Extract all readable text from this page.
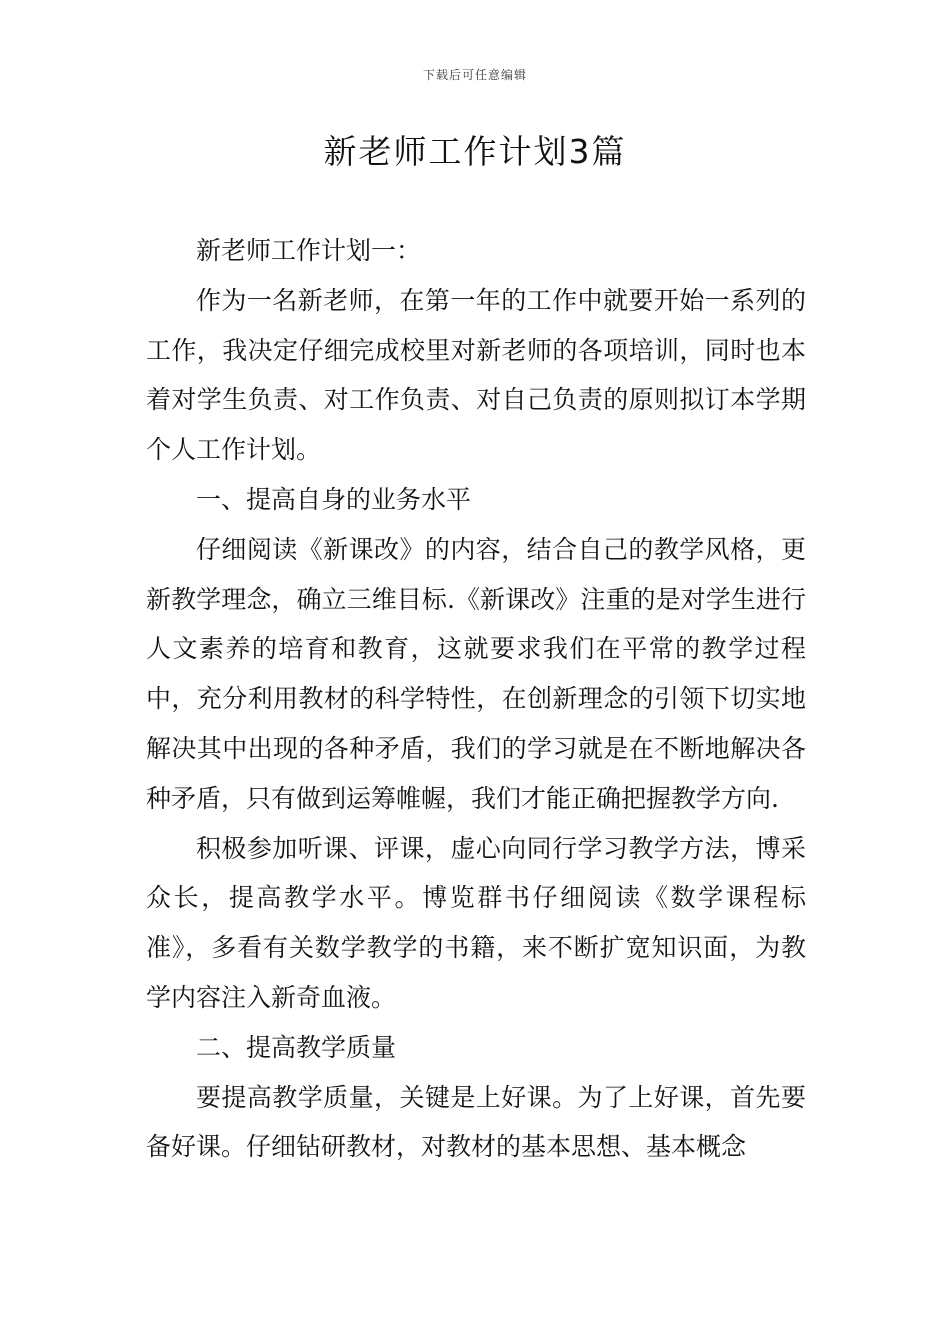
下载后可任意编辑
新老师工作计划3篇

新老师工作计划一：

作为一名新老师，在第一年的工作中就要开始一系列的工作，我决定仔细完成校里对新老师的各项培训，同时也本着对学生负责、对工作负责、对自己负责的原则拟订本学期个人工作计划。

一、提高自身的业务水平

仔细阅读《新课改》的内容，结合自己的教学风格，更新教学理念，确立三维目标.《新课改》注重的是对学生进行人文素养的培育和教育，这就要求我们在平常的教学过程中，充分利用教材的科学特性，在创新理念的引领下切实地解决其中出现的各种矛盾，我们的学习就是在不断地解决各种矛盾，只有做到运筹帷幄，我们才能正确把握教学方向.

积极参加听课、评课，虚心向同行学习教学方法，博采众长，提高教学水平。博览群书仔细阅读《数学课程标准》，多看有关数学教学的书籍，来不断扩宽知识面，为教学内容注入新奇血液。

二、提高教学质量

要提高教学质量，关键是上好课。为了上好课，首先要备好课。仔细钻研教材，对教材的基本思想、基本概念
